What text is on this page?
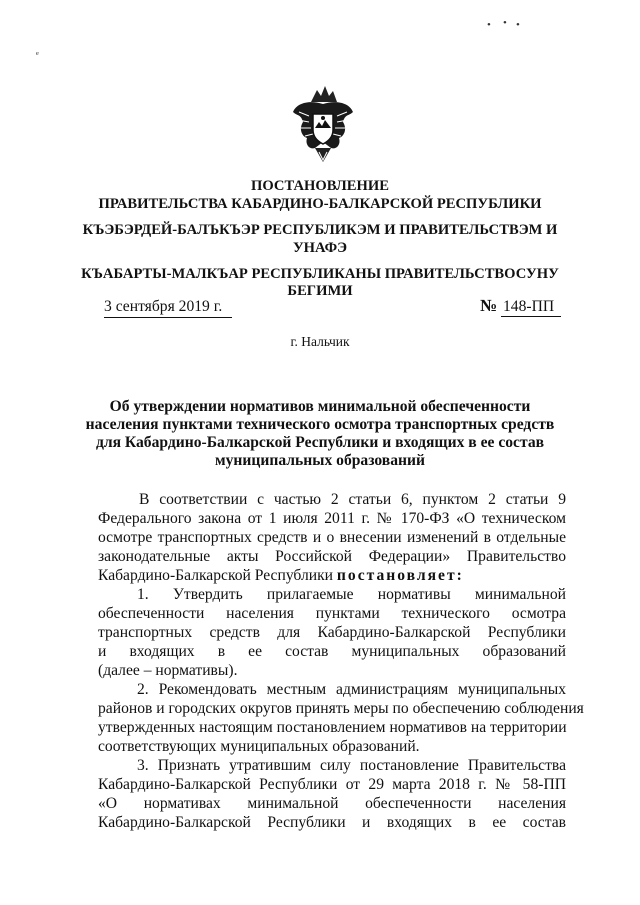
• • •
ᵉ
ПОСТАНОВЛЕНИЕ
ПРАВИТЕЛЬСТВА КАБАРДИНО-БАЛКАРСКОЙ РЕСПУБЛИКИ
КЪЭБЭРДЕЙ-БАЛЪКЪЭР РЕСПУБЛИКЭМ И ПРАВИТЕЛЬСТВЭМ И
УНАФЭ
КЪАБАРТЫ-МАЛКЪАР РЕСПУБЛИКАНЫ ПРАВИТЕЛЬСТВОСУНУ
БЕГИМИ
3 сентября 2019 г.	№ 148-ПП
г. Нальчик
Об утверждении нормативов минимальной обеспеченности
населения пунктами технического осмотра транспортных средств
для Кабардино-Балкарской Республики и входящих в ее состав
муниципальных образований
В соответствии с частью 2 статьи 6, пунктом 2 статьи 9
Федерального закона от 1 июля 2011 г. № 170-ФЗ «О техническом
осмотре транспортных средств и о внесении изменений в отдельные
законодательные акты Российской Федерации» Правительство
Кабардино-Балкарской Республики постановляет:
1. Утвердить прилагаемые нормативы минимальной
обеспеченности населения пунктами технического осмотра
транспортных средств для Кабардино-Балкарской Республики
и входящих в ее состав муниципальных образований
(далее – нормативы).
2. Рекомендовать местным администрациям муниципальных
районов и городских округов принять меры по обеспечению соблюдения
утвержденных настоящим постановлением нормативов на территории
соответствующих муниципальных образований.
3. Признать утратившим силу постановление Правительства
Кабардино-Балкарской Республики от 29 марта 2018 г. № 58-ПП
«О нормативах минимальной обеспеченности населения
Кабардино-Балкарской Республики и входящих в ее состав
